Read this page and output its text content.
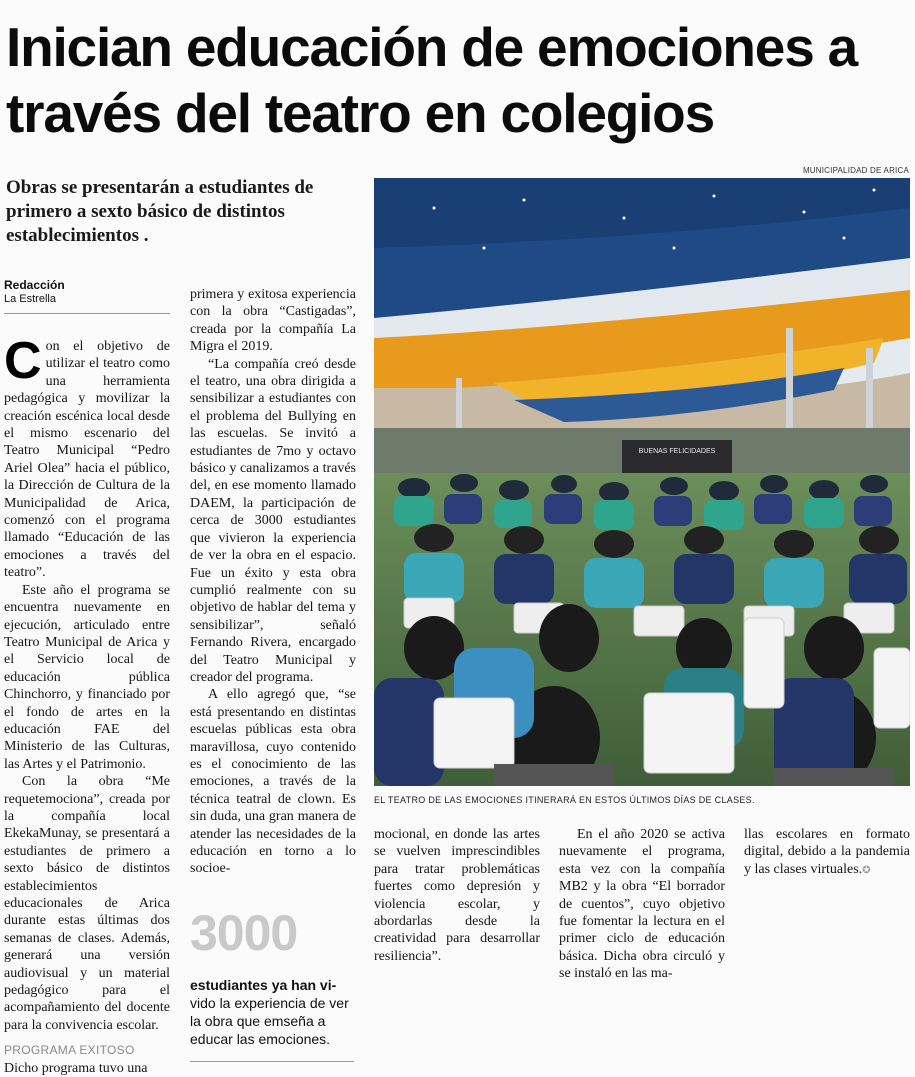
Inician educación de emociones a través del teatro en colegios
MUNICIPALIDAD DE ARICA
Obras se presentarán a estudiantes de primero a sexto básico de distintos establecimientos .
Redacción
La Estrella

Con el objetivo de utilizar el teatro como una herramienta pedagógica y movilizar la creación escénica local desde el mismo escenario del Teatro Municipal “Pedro Ariel Olea” hacia el público, la Dirección de Cultura de la Municipalidad de Arica, comenzó con el programa llamado “Educación de las emociones a través del teatro”.

Este año el programa se encuentra nuevamente en ejecución, articulado entre Teatro Municipal de Arica y el Servicio local de educación pública Chinchorro, y financiado por el fondo de artes en la educación FAE del Ministerio de las Culturas, las Artes y el Patrimonio.

Con la obra “Me requetemociona”, creada por la compañía local EkekaMunay, se presentará a estudiantes de primero a sexto básico de distintos establecimientos educacionales de Arica durante estas últimas dos semanas de clases. Además, generará una versión audiovisual y un material pedagógico para el acompañamiento del docente para la convivencia escolar.

PROGRAMA EXITOSO

Dicho programa tuvo una

primera y exitosa experiencia con la obra “Castigadas”, creada por la compañía La Migra el 2019.

“La compañía creó desde el teatro, una obra dirigida a sensibilizar a estudiantes con el problema del Bullying en las escuelas. Se invitó a estudiantes de 7mo y octavo básico y canalizamos a través del, en ese momento llamado DAEM, la participación de cerca de 3000 estudiantes que vivieron la experiencia de ver la obra en el espacio. Fue un éxito y esta obra cumplió realmente con su objetivo de hablar del tema y sensibilizar”, señaló Fernando Rivera, encargado del Teatro Municipal y creador del programa.

A ello agregó que, “se está presentando en distintas escuelas públicas esta obra maravillosa, cuyo contenido es el conocimiento de las emociones, a través de la técnica teatral de clown. Es sin duda, una gran manera de atender las necesidades de la educación en torno a lo socioe-

3000
estudiantes ya han vi- vido la experiencia de ver la obra que emseña a educar las emociones.
BUENAS FELICIDADES
EL TEATRO DE LAS EMOCIONES ITINERARÁ EN ESTOS ÚLTIMOS DÍAS DE CLASES.

mocional, en donde las artes se vuelven imprescindibles para tratar problemáticas fuertes como depresión y violencia escolar, y abordarlas desde la creatividad para desarrollar resiliencia”.

En el año 2020 se activa nuevamente el programa, esta vez con la compañía MB2 y la obra “El borrador de cuentos”, cuyo objetivo fue fomentar la lectura en el primer ciclo de educación básica. Dicha obra circuló y se instaló en las ma-

llas escolares en formato digital, debido a la pandemia y las clases virtuales.✪
